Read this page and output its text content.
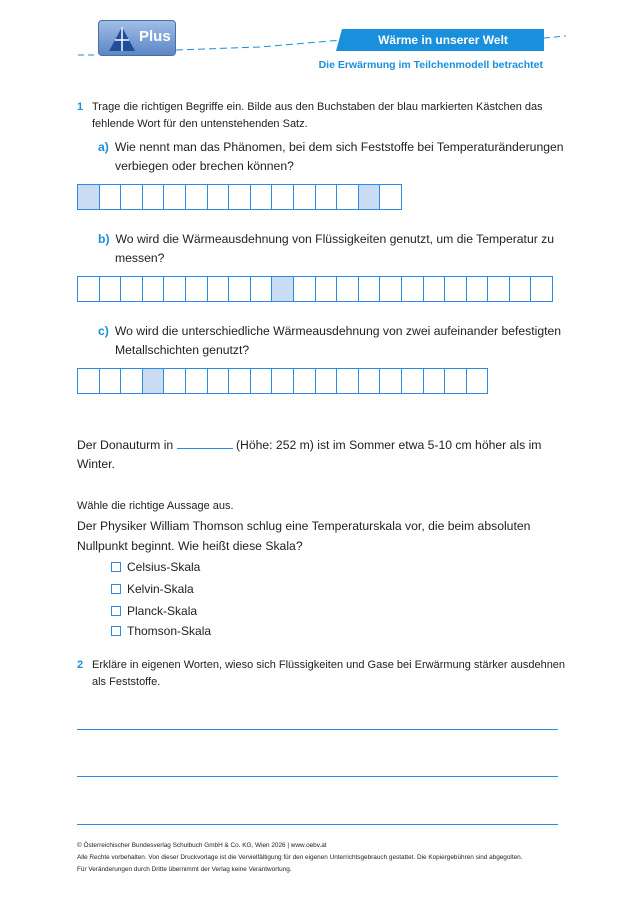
Plus	Wärme in unserer Welt
Die Erwärmung im Teilchenmodell betrachtet
1 Trage die richtigen Begriffe ein. Bilde aus den Buchstaben der blau markierten Kästchen das
fehlende Wort für den untenstehenden Satz.
a) Wie nennt man das Phänomen, bei dem sich Feststoffe bei Temperaturänderungen
verbiegen oder brechen können?
b) Wo wird die Wärmeausdehnung von Flüssigkeiten genutzt, um die Temperatur zu
messen?
c) Wo wird die unterschiedliche Wärmeausdehnung von zwei aufeinander befestigten
Metallschichten genutzt?
Der Donauturm in	(Höhe: 252 m) ist im Sommer etwa 5-10 cm höher als im
Winter.
Wähle die richtige Aussage aus.
Der Physiker William Thomson schlug eine Temperaturskala vor, die beim absoluten
Nullpunkt beginnt. Wie heißt diese Skala?
Celsius-Skala
Kelvin-Skala
Planck-Skala
Thomson-Skala
2 Erkläre in eigenen Worten, wieso sich Flüssigkeiten und Gase bei Erwärmung stärker ausdehnen
als Feststoffe.
© Österreichischer Bundesverlag Schulbuch GmbH & Co. KG, Wien 2026 | www.oebv.at
Alle Rechte vorbehalten. Von dieser Druckvorlage ist die Vervielfältigung für den eigenen Unterrichtsgebrauch gestattet. Die Kopiergebühren sind abgegolten.
Für Veränderungen durch Dritte übernimmt der Verlag keine Verantwortung.
